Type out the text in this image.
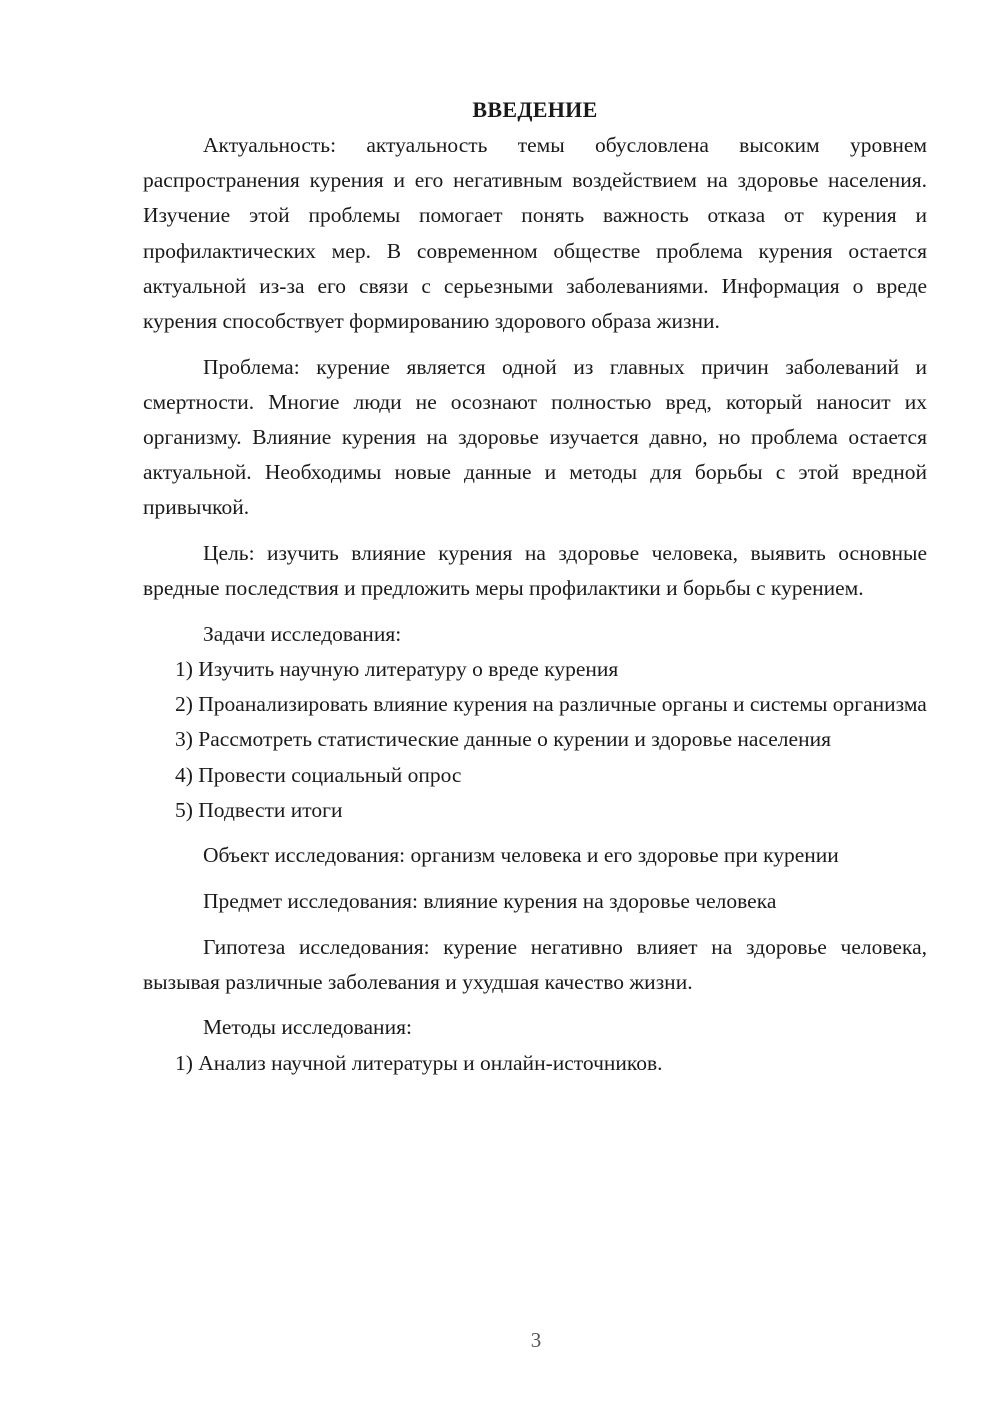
ВВЕДЕНИЕ

Актуальность: актуальность темы обусловлена высоким уровнем распространения курения и его негативным воздействием на здоровье населения. Изучение этой проблемы помогает понять важность отказа от курения и профилактических мер. В современном обществе проблема курения остается актуальной из-за его связи с серьезными заболеваниями. Информация о вреде курения способствует формированию здорового образа жизни.

Проблема: курение является одной из главных причин заболеваний и смертности. Многие люди не осознают полностью вред, который наносит их организму. Влияние курения на здоровье изучается давно, но проблема остается актуальной. Необходимы новые данные и методы для борьбы с этой вредной привычкой.

Цель: изучить влияние курения на здоровье человека, выявить основные вредные последствия и предложить меры профилактики и борьбы с курением.

Задачи исследования:

1) Изучить научную литературу о вреде курения

2) Проанализировать влияние курения на различные органы и системы организма

3) Рассмотреть статистические данные о курении и здоровье населения

4) Провести социальный опрос

5) Подвести итоги

Объект исследования: организм человека и его здоровье при курении

Предмет исследования: влияние курения на здоровье человека

Гипотеза исследования: курение негативно влияет на здоровье человека, вызывая различные заболевания и ухудшая качество жизни.

Методы исследования:

1) Анализ научной литературы и онлайн-источников.

3
